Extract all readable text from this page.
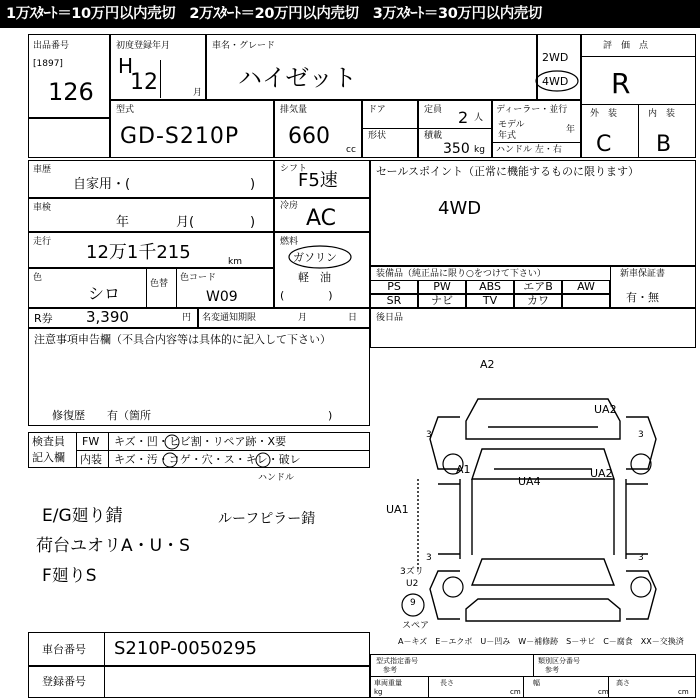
1万ｽﾀｰﾄ＝10万円以内売切　2万ｽﾀｰﾄ＝20万円以内売切　3万ｽﾀｰﾄ＝30万円以内売切
出品番号
[1897]
126
初度登録年月
H
12	月
車名・グレード
ハイゼット
2WD
4WD
評　価　点
R
外　装	内　装
C B
型式
GD-S210P
排気量
660
cc
ドア	定員 2 人
形状	積載
350 kg
ディーラー・並行
モデル
年式
年
ハンドル 左・右
車歴
自家用・(	)
車検
年	月(	)
走行 12万1千215	km
色
シロ	色替
色コード
W09
シフト
F5速
冷房 AC
燃料
ガソリン
軽　油
(　　　　)
セールスポイント（正常に機能するものに限ります）
4WD
装備品（純正品に限り○をつけて下さい）	新車保証書
有・無
R券 3,390	円 名変通知期限	月	日 後日品
注意事項申告欄（不具合内容等は具体的に記入して下さい）
修復歴　　有（箇所	)
検査員
記入欄
FW キズ・凹・ヒビ割・リペア跡・X要
内装 キズ・汚・コゲ・穴・ス・キレ・破レ
ハンドル
E/G廻り錆
荷台ユオリA・U・S
F廻りS
ルーフピラー錆
車台番号 S210P-0050295
登録番号
A2
UA2
A1
UA4
UA2
UA1
3	3
3	3
3ズリ
U2
9
スペア
A－キズ　E－エクボ　U－凹み　W－補修跡　S－サビ　C－腐食　XX－交換済
型式指定番号
　参考
類別区分番号
　参考
車両重量	長さ	幅	高さ
kg	cm	cm	cm
PS	PW	ABS	エアB	AW
SR	ナビ	TV	カワ
